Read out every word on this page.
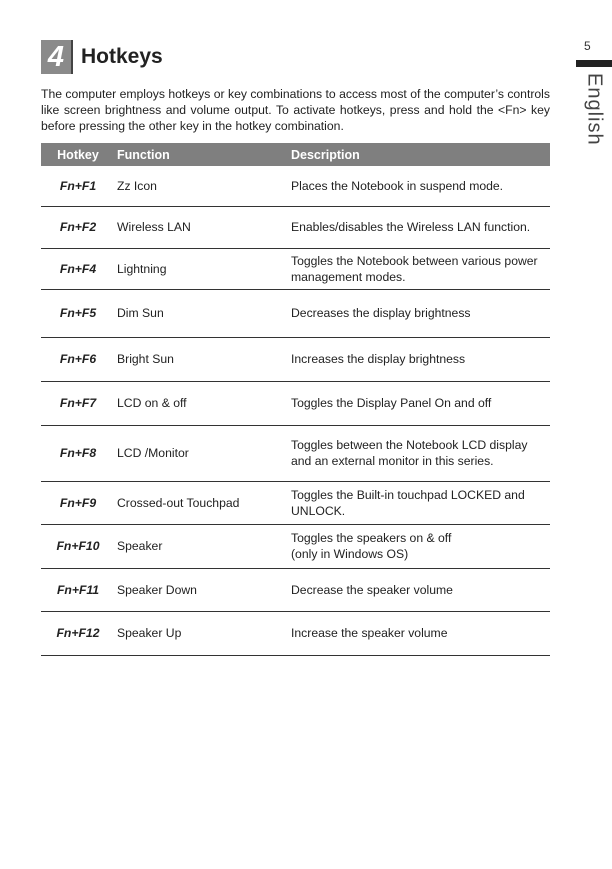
5
English
4 Hotkeys

The computer employs hotkeys or key combinations to access most of the computer’s controls like screen brightness and volume output. To activate hotkeys, press and hold the <Fn> key before pressing the other key in the hotkey combination.

Hotkey	Function	Description
Fn+F1	Zz Icon	Places the Notebook in suspend mode.
Fn+F2	Wireless LAN	Enables/disables the Wireless LAN function.
Fn+F4	Lightning	Toggles the Notebook between various power management modes.
Fn+F5	Dim Sun	Decreases the display brightness
Fn+F6	Bright Sun	Increases the display brightness
Fn+F7	LCD on & off	Toggles the Display Panel On and off
Fn+F8	LCD /Monitor	Toggles between the Notebook LCD display and an external monitor in this series.
Fn+F9	Crossed-out Touchpad	Toggles the Built-in touchpad LOCKED and UNLOCK.
Fn+F10	Speaker	Toggles the speakers on & off
(only in Windows OS)
Fn+F11	Speaker Down	Decrease the speaker volume
Fn+F12	Speaker Up	Increase the speaker volume
